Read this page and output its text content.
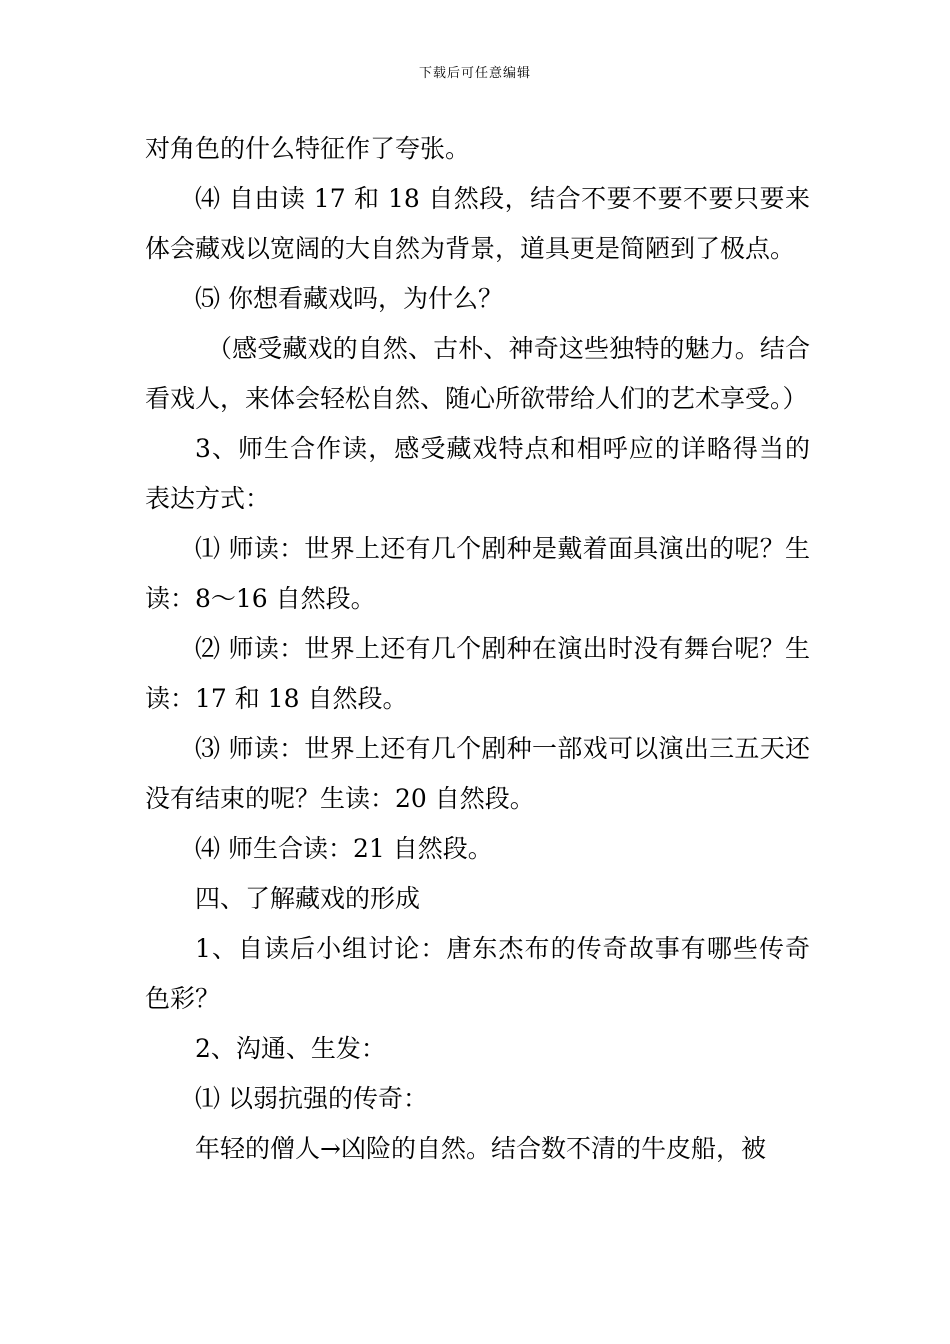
下载后可任意编辑

对角色的什么特征作了夸张。

⑷ 自由读 17 和 18 自然段，结合不要不要不要只要来体会藏戏以宽阔的大自然为背景，道具更是简陋到了极点。

⑸ 你想看藏戏吗，为什么？

（感受藏戏的自然、古朴、神奇这些独特的魅力。结合看戏人，来体会轻松自然、随心所欲带给人们的艺术享受。）

3、师生合作读，感受藏戏特点和相呼应的详略得当的表达方式：

⑴ 师读：世界上还有几个剧种是戴着面具演出的呢？生读：8～16 自然段。

⑵ 师读：世界上还有几个剧种在演出时没有舞台呢？生读：17 和 18 自然段。

⑶ 师读：世界上还有几个剧种一部戏可以演出三五天还没有结束的呢？生读：20 自然段。

⑷ 师生合读：21 自然段。

四、了解藏戏的形成

1、自读后小组讨论：唐东杰布的传奇故事有哪些传奇色彩？

2、沟通、生发：

⑴ 以弱抗强的传奇：

年轻的僧人→凶险的自然。结合数不清的牛皮船，被
